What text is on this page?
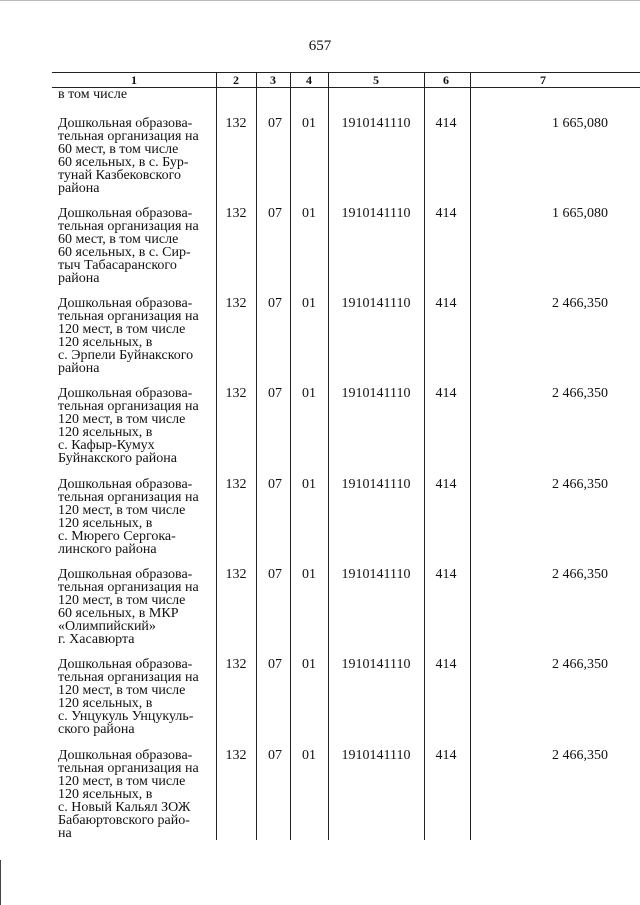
657
1	2	3	4	5	6	7
в том числе
Дошкольная образова-
тельная организация на
60 мест, в том числе
60 ясельных, в с. Бур-
тунай Казбековского
района
132	07	01	1910141110	414	1 665,080
Дошкольная образова-
тельная организация на
60 мест, в том числе
60 ясельных, в с. Сир-
тыч Табасаранского
района
132	07	01	1910141110	414	1 665,080
Дошкольная образова-
тельная организация на
120 мест, в том числе
120 ясельных, в
с. Эрпели Буйнакского
района
132	07	01	1910141110	414	2 466,350
Дошкольная образова-
тельная организация на
120 мест, в том числе
120 ясельных, в
с. Кафыр-Кумух
Буйнакского района
132	07	01	1910141110	414	2 466,350
Дошкольная образова-
тельная организация на
120 мест, в том числе
120 ясельных, в
с. Мюрего Сергока-
линского района
132	07	01	1910141110	414	2 466,350
Дошкольная образова-
тельная организация на
120 мест, в том числе
60 ясельных, в МКР
«Олимпийский»
г. Хасавюрта
132	07	01	1910141110	414	2 466,350
Дошкольная образова-
тельная организация на
120 мест, в том числе
120 ясельных, в
с. Унцукуль Унцукуль-
ского района
132	07	01	1910141110	414	2 466,350
Дошкольная образова-
тельная организация на
120 мест, в том числе
120 ясельных, в
с. Новый Кальял ЗОЖ
Бабаюртовского райо-
на
132	07	01	1910141110	414	2 466,350
